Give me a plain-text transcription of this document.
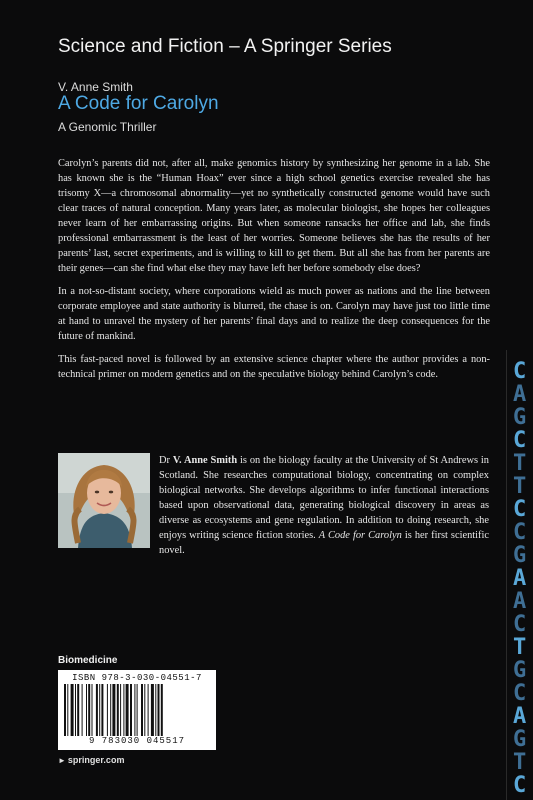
Science and Fiction – A Springer Series
V. Anne Smith
A Code for Carolyn
A Genomic Thriller

Carolyn’s parents did not, after all, make genomics history by synthesizing her genome in a lab. She has known she is the “Human Hoax” ever since a high school genetics exercise revealed she has trisomy X—a chromosomal abnormality—yet no synthetically constructed genome would have such clear traces of natural conception. Many years later, as molecular biologist, she hopes her colleagues never learn of her embarrassing origins. But when someone ransacks her office and lab, she finds professional embarrassment is the least of her worries. Someone believes she has the results of her parents’ last, secret experiments, and is willing to kill to get them. But all she has from her parents are their genes—can she find what else they may have left her before somebody else does?

In a not-so-distant society, where corporations wield as much power as nations and the line between corporate employee and state authority is blurred, the chase is on. Carolyn may have just too little time at hand to unravel the mystery of her parents’ final days and to realize the deep consequences for the future of mankind.

This fast-paced novel is followed by an extensive science chapter where the author provides a non-technical primer on modern genetics and on the speculative biology behind Carolyn’s code.

Dr V. Anne Smith is on the biology faculty at the University of St Andrews in Scotland. She researches computational biology, concentrating on complex biological networks. She develops algorithms to infer functional interactions based upon observational data, generating biological discovery in areas as diverse as ecosystems and gene regulation. In addition to doing research, she enjoys writing science fiction stories. A Code for Carolyn is her first scientific novel.

Biomedicine
ISBN 978-3-030-04551-7
9 783030 045517
► springer.com
C
A
G
C
T
T
C
C
G
A
A
C
T
G
C
A
G
T
C
